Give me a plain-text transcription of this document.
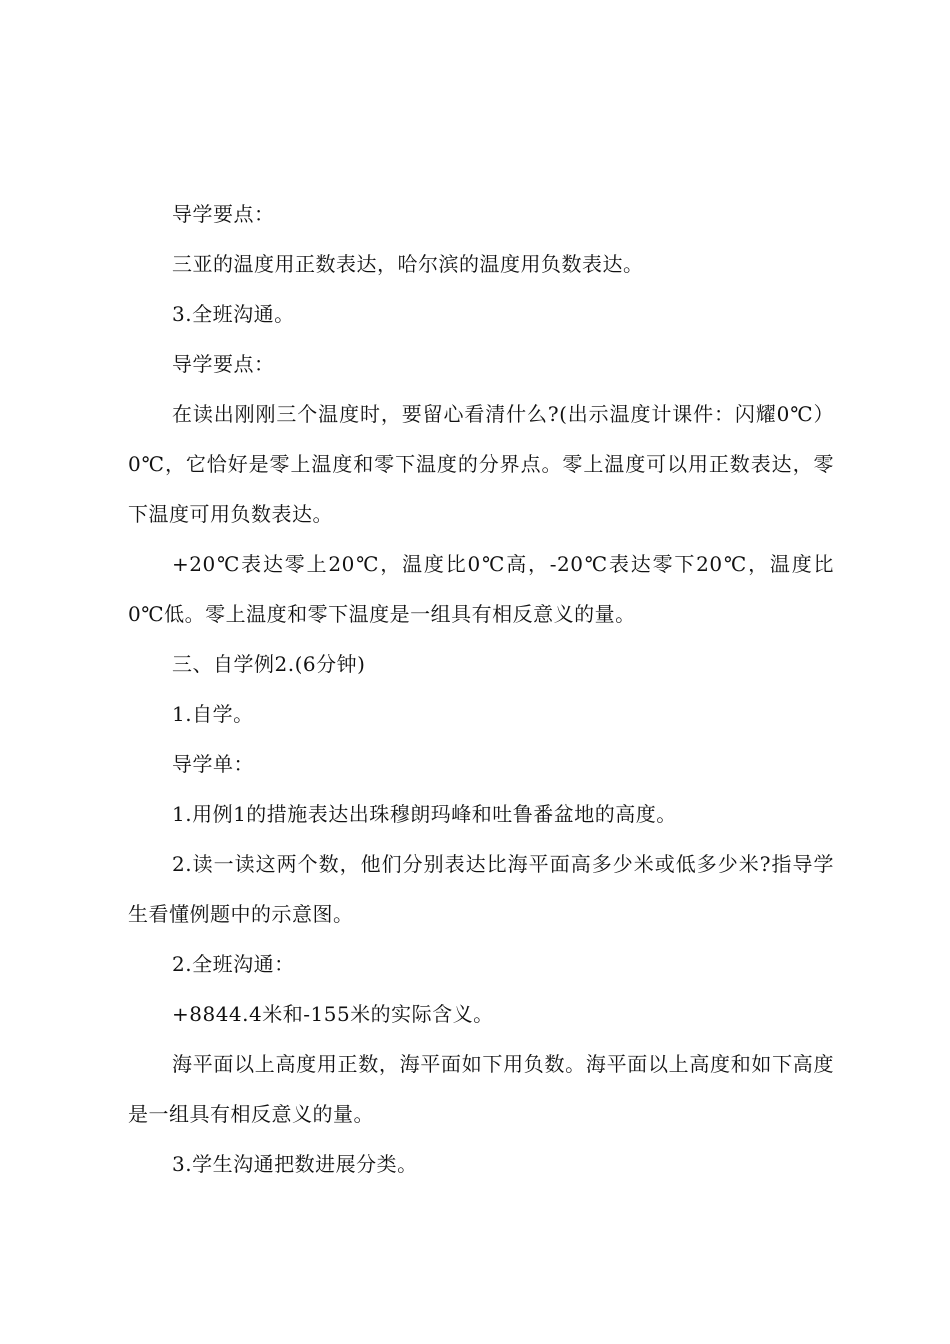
导学要点：

三亚的温度用正数表达，哈尔滨的温度用负数表达。

3.全班沟通。

导学要点：

在读出刚刚三个温度时，要留心看清什么?(出示温度计课件：闪耀0℃）0℃，它恰好是零上温度和零下温度的分界点。零上温度可以用正数表达，零下温度可用负数表达。

+20℃表达零上20℃，温度比0℃高，-20℃表达零下20℃，温度比0℃低。零上温度和零下温度是一组具有相反意义的量。

三、自学例2.(6分钟)

1.自学。

导学单：

1.用例1的措施表达出珠穆朗玛峰和吐鲁番盆地的高度。

2.读一读这两个数，他们分别表达比海平面高多少米或低多少米?指导学生看懂例题中的示意图。

2.全班沟通：

+8844.4米和-155米的实际含义。

海平面以上高度用正数，海平面如下用负数。海平面以上高度和如下高度是一组具有相反意义的量。

3.学生沟通把数进展分类。
